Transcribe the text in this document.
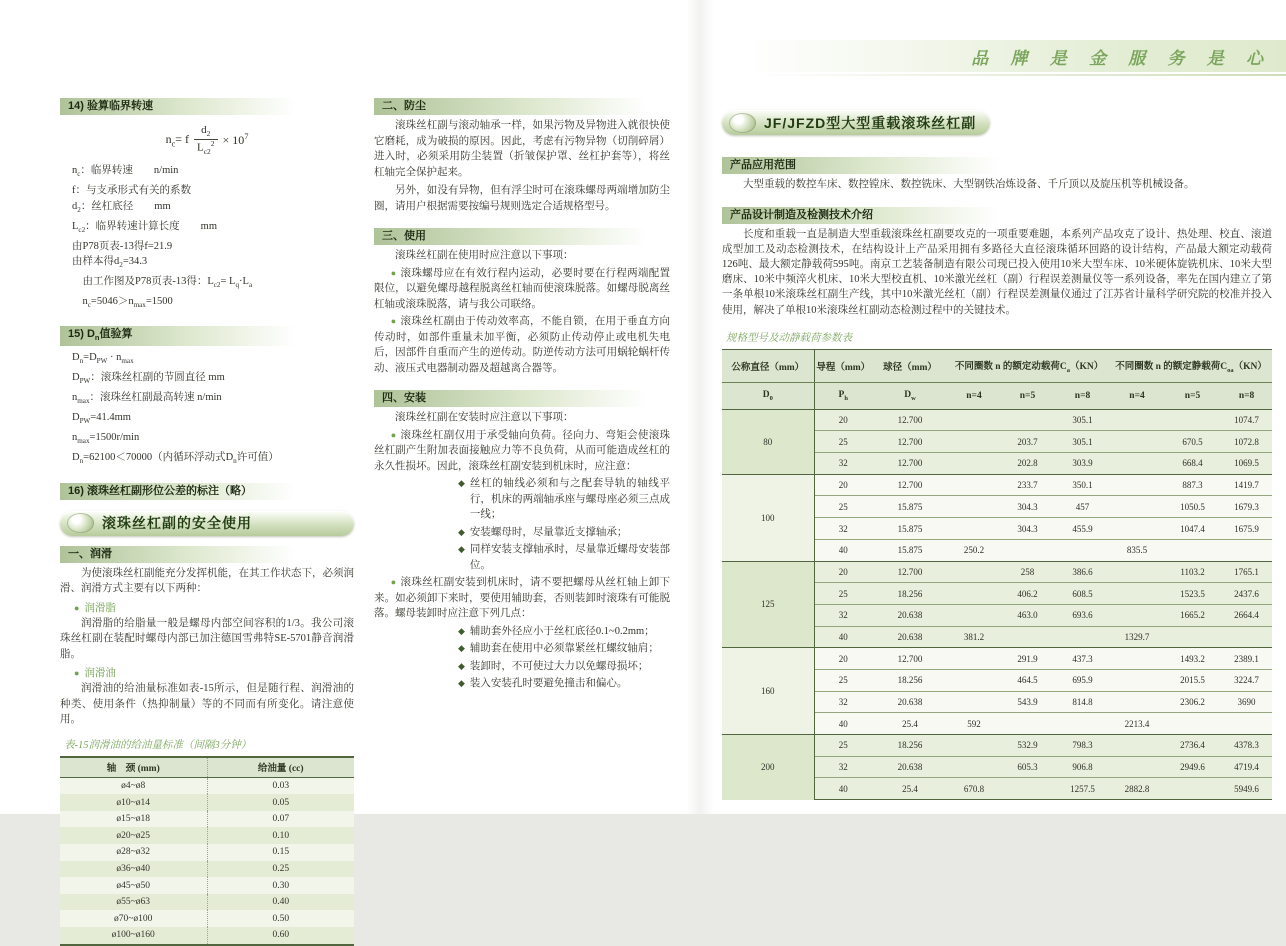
品 牌 是 金 服 务 是 心
14) 验算临界转速
$n_c= f \frac{d_2}{L_{c2}^2} \times 10^7$
$n_c$：临界转速　　n/min
f：与支承形式有关的系数
$d_2$：丝杠底径　　mm
$L_{c2}$：临界转速计算长度　　mm
由P78页表-13得f=21.9
由样本得$d_2=34.3$
　由工作图及P78页表-13得：$L_{c2}= L_q\cdot L_a$
　$n_c=5046>n_{max}=1500$
15) $D_n$值验算
$D_n=D_{PW} \cdot n_{max}$
$D_{PW}$：滚珠丝杠副的节圆直径 mm
$n_{max}$：滚珠丝杠副最高转速 n/min
$D_{PW}=41.4mm$
$n_{max}=1500r/\min$
$D_n=62100<70000$（内循环浮动式$D_n$许可值）
16) 滚珠丝杠副形位公差的标注（略）
滚珠丝杠副的安全使用
一、润滑
为使滚珠丝杠副能充分发挥机能，在其工作状态下，必须润滑、润滑方式主要有以下两种：
● 润滑脂
润滑脂的给脂量一般是螺母内部空间容积的1/3。我公司滚珠丝杠副在装配时螺母内部已加注德国雪弗特SE-5701静音润滑脂。
● 润滑油
润滑油的给油量标准如表-15所示，但是随行程、润滑油的种类、使用条件（热抑制量）等的不同而有所变化。请注意使用。
表-15润滑油的给油量标准（间隔3分钟）
轴　颈 (mm)	给油量 (cc)
ø4~ø8	0.03
ø10~ø14	0.05
ø15~ø18	0.07
ø20~ø25	0.10
ø28~ø32	0.15
ø36~ø40	0.25
ø45~ø50	0.30
ø55~ø63	0.40
ø70~ø100	0.50
ø100~ø160	0.60
二、防尘
滚珠丝杠副与滚动轴承一样，如果污物及异物进入就很快使它磨耗，成为破损的原因。因此，考虑有污物异物（切削碎屑）进入时，必须采用防尘装置（折皱保护罩、丝杠护套等），将丝杠轴完全保护起来。
另外，如没有异物，但有浮尘时可在滚珠螺母两端增加防尘圈，请用户根据需要按编号规则选定合适规格型号。
三、使用
滚珠丝杠副在使用时应注意以下事项：
● 滚珠螺母应在有效行程内运动，必要时要在行程两端配置限位，以避免螺母越程脱离丝杠轴而使滚珠脱落。如螺母脱离丝杠轴或滚珠脱落，请与我公司联络。
● 滚珠丝杠副由于传动效率高，不能自锁，在用于垂直方向传动时，如部件重量未加平衡，必须防止传动停止或电机失电后，因部件自重而产生的逆传动。防逆传动方法可用蜗轮蜗杆传动、液压式电器制动器及超越离合器等。
四、安装
滚珠丝杠副在安装时应注意以下事项：
● 滚珠丝杠副仅用于承受轴向负荷。径向力、弯矩会使滚珠丝杠副产生附加表面接触应力等不良负荷，从而可能造成丝杠的永久性损坏。因此，滚珠丝杠副安装到机床时，应注意：
◆ 丝杠的轴线必须和与之配套导轨的轴线平行，机床的两端轴承座与螺母座必须三点成一线；
◆ 安装螺母时，尽量靠近支撑轴承；
◆ 同样安装支撑轴承时，尽量靠近螺母安装部位。
● 滚珠丝杠副安装到机床时，请不要把螺母从丝杠轴上卸下来。如必须卸下来时，要使用辅助套，否则装卸时滚珠有可能脱落。螺母装卸时应注意下列几点：
◆ 辅助套外径应小于丝杠底径0.1~0.2mm；
◆ 辅助套在使用中必须靠紧丝杠螺纹轴肩；
◆ 装卸时，不可使过大力以免螺母损坏；
◆ 装入安装孔时要避免撞击和偏心。
JF/JFZD型大型重载滚珠丝杠副
产品应用范围
大型重载的数控车床、数控镗床、数控铣床、大型钢铁冶炼设备、千斤顶以及旋压机等机械设备。
产品设计制造及检测技术介绍
长度和重载一直是制造大型重载滚珠丝杠副要攻克的一项重要难题，本系列产品攻克了设计、热处理、校直、滚道成型加工及动态检测技术，在结构设计上产品采用拥有多路径大直径滚珠循环回路的设计结构，产品最大额定动载荷126吨、最大额定静载荷595吨。南京工艺装备制造有限公司现已投入使用10米大型车床、10米硬体旋铣机床、10米大型磨床、10米中频淬火机床、10米大型校直机、10米激光丝杠（副）行程误差测量仪等一系列设备，率先在国内建立了第一条单根10米滚珠丝杠副生产线，其中10米激光丝杠（副）行程误差测量仪通过了江苏省计量科学研究院的校准并投入使用，解决了单根10米滚珠丝杠副动态检测过程中的关键技术。
规格型号及动静载荷参数表
公称直径（mm）	导程（mm）	球径（mm）	不同圈数 n 的额定动载荷$C_a(KN)$			不同圈数 n 的额定静载荷$C_{oa}(KN)$		
$D_0$	$P_h$	$D_w$	n=4	n=5	n=8	n=4	n=5	n=8
80	20	12.700			305.1			1074.7
	25	12.700		203.7	305.1		670.5	1072.8
	32	12.700		202.8	303.9		668.4	1069.5
100	20	12.700		233.7	350.1		887.3	1419.7
	25	15.875		304.3	457		1050.5	1679.3
	32	15.875		304.3	455.9		1047.4	1675.9
	40	15.875	250.2			835.5		
125	20	12.700		258	386.6		1103.2	1765.1
	25	18.256		406.2	608.5		1523.5	2437.6
	32	20.638		463.0	693.6		1665.2	2664.4
	40	20.638	381.2			1329.7		
160	20	12.700		291.9	437.3		1493.2	2389.1
	25	18.256		464.5	695.9		2015.5	3224.7
	32	20.638		543.9	814.8		2306.2	3690
	40	25.4	592			2213.4		
200	25	18.256		532.9	798.3		2736.4	4378.3
	32	20.638		605.3	906.8		2949.6	4719.4
	40	25.4	670.8		1257.5	2882.8		5949.6
